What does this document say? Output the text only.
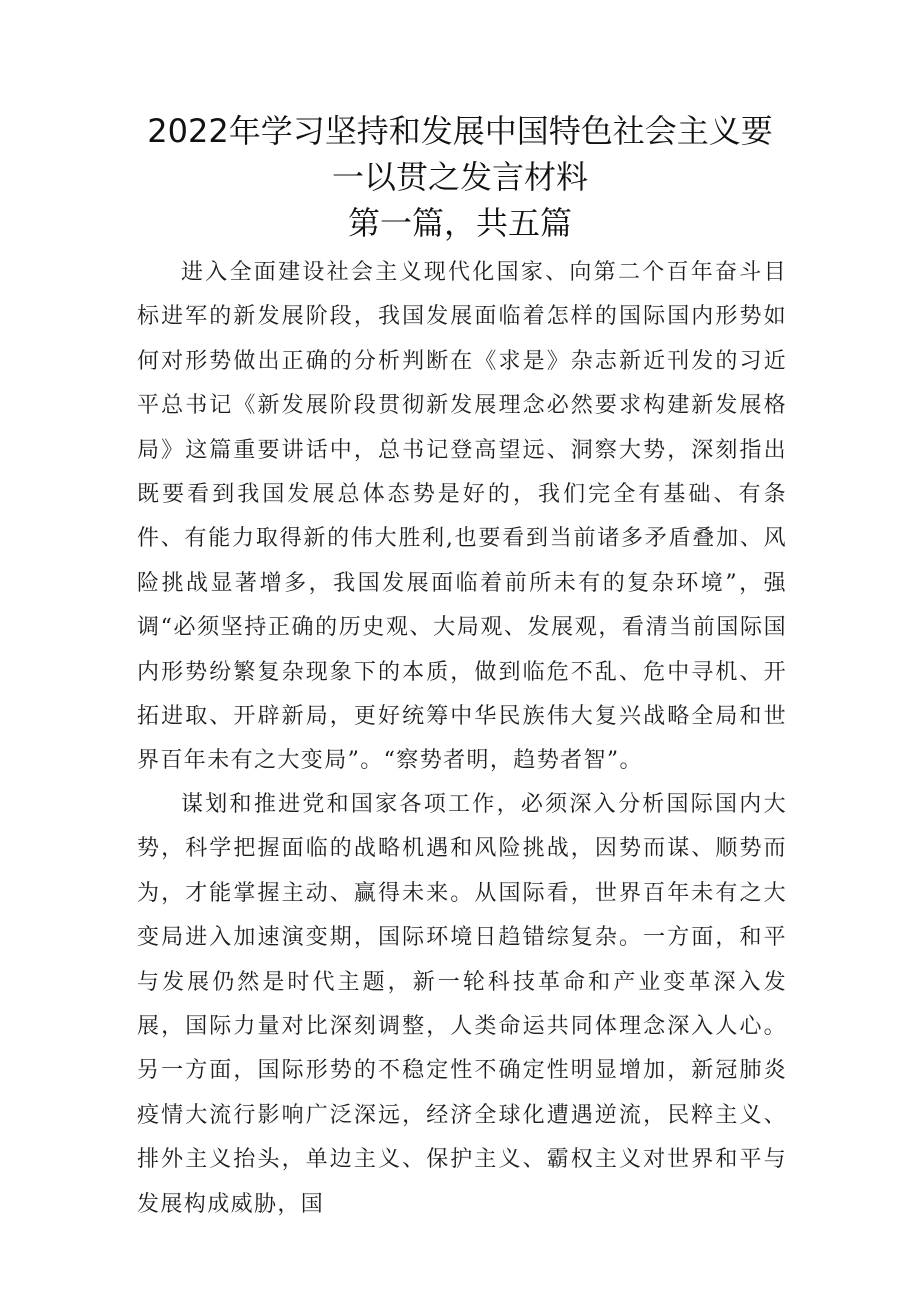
2022年学习坚持和发展中国特色社会主义要
一以贯之发言材料
第一篇，共五篇

进入全面建设社会主义现代化国家、向第二个百年奋斗目标进军的新发展阶段，我国发展面临着怎样的国际国内形势如何对形势做出正确的分析判断在《求是》杂志新近刊发的习近平总书记《新发展阶段贯彻新发展理念必然要求构建新发展格局》这篇重要讲话中，总书记登高望远、洞察大势，深刻指出既要看到我国发展总体态势是好的，我们完全有基础、有条件、有能力取得新的伟大胜利,也要看到当前诸多矛盾叠加、风险挑战显著增多，我国发展面临着前所未有的复杂环境”，强调“必须坚持正确的历史观、大局观、发展观，看清当前国际国内形势纷繁复杂现象下的本质，做到临危不乱、危中寻机、开拓进取、开辟新局，更好统筹中华民族伟大复兴战略全局和世界百年未有之大变局”。“察势者明，趋势者智”。

谋划和推进党和国家各项工作，必须深入分析国际国内大势，科学把握面临的战略机遇和风险挑战，因势而谋、顺势而为，才能掌握主动、赢得未来。从国际看，世界百年未有之大变局进入加速演变期，国际环境日趋错综复杂。一方面，和平与发展仍然是时代主题，新一轮科技革命和产业变革深入发展，国际力量对比深刻调整，人类命运共同体理念深入人心。另一方面，国际形势的不稳定性不确定性明显增加，新冠肺炎疫情大流行影响广泛深远，经济全球化遭遇逆流，民粹主义、排外主义抬头，单边主义、保护主义、霸权主义对世界和平与发展构成威胁，国
